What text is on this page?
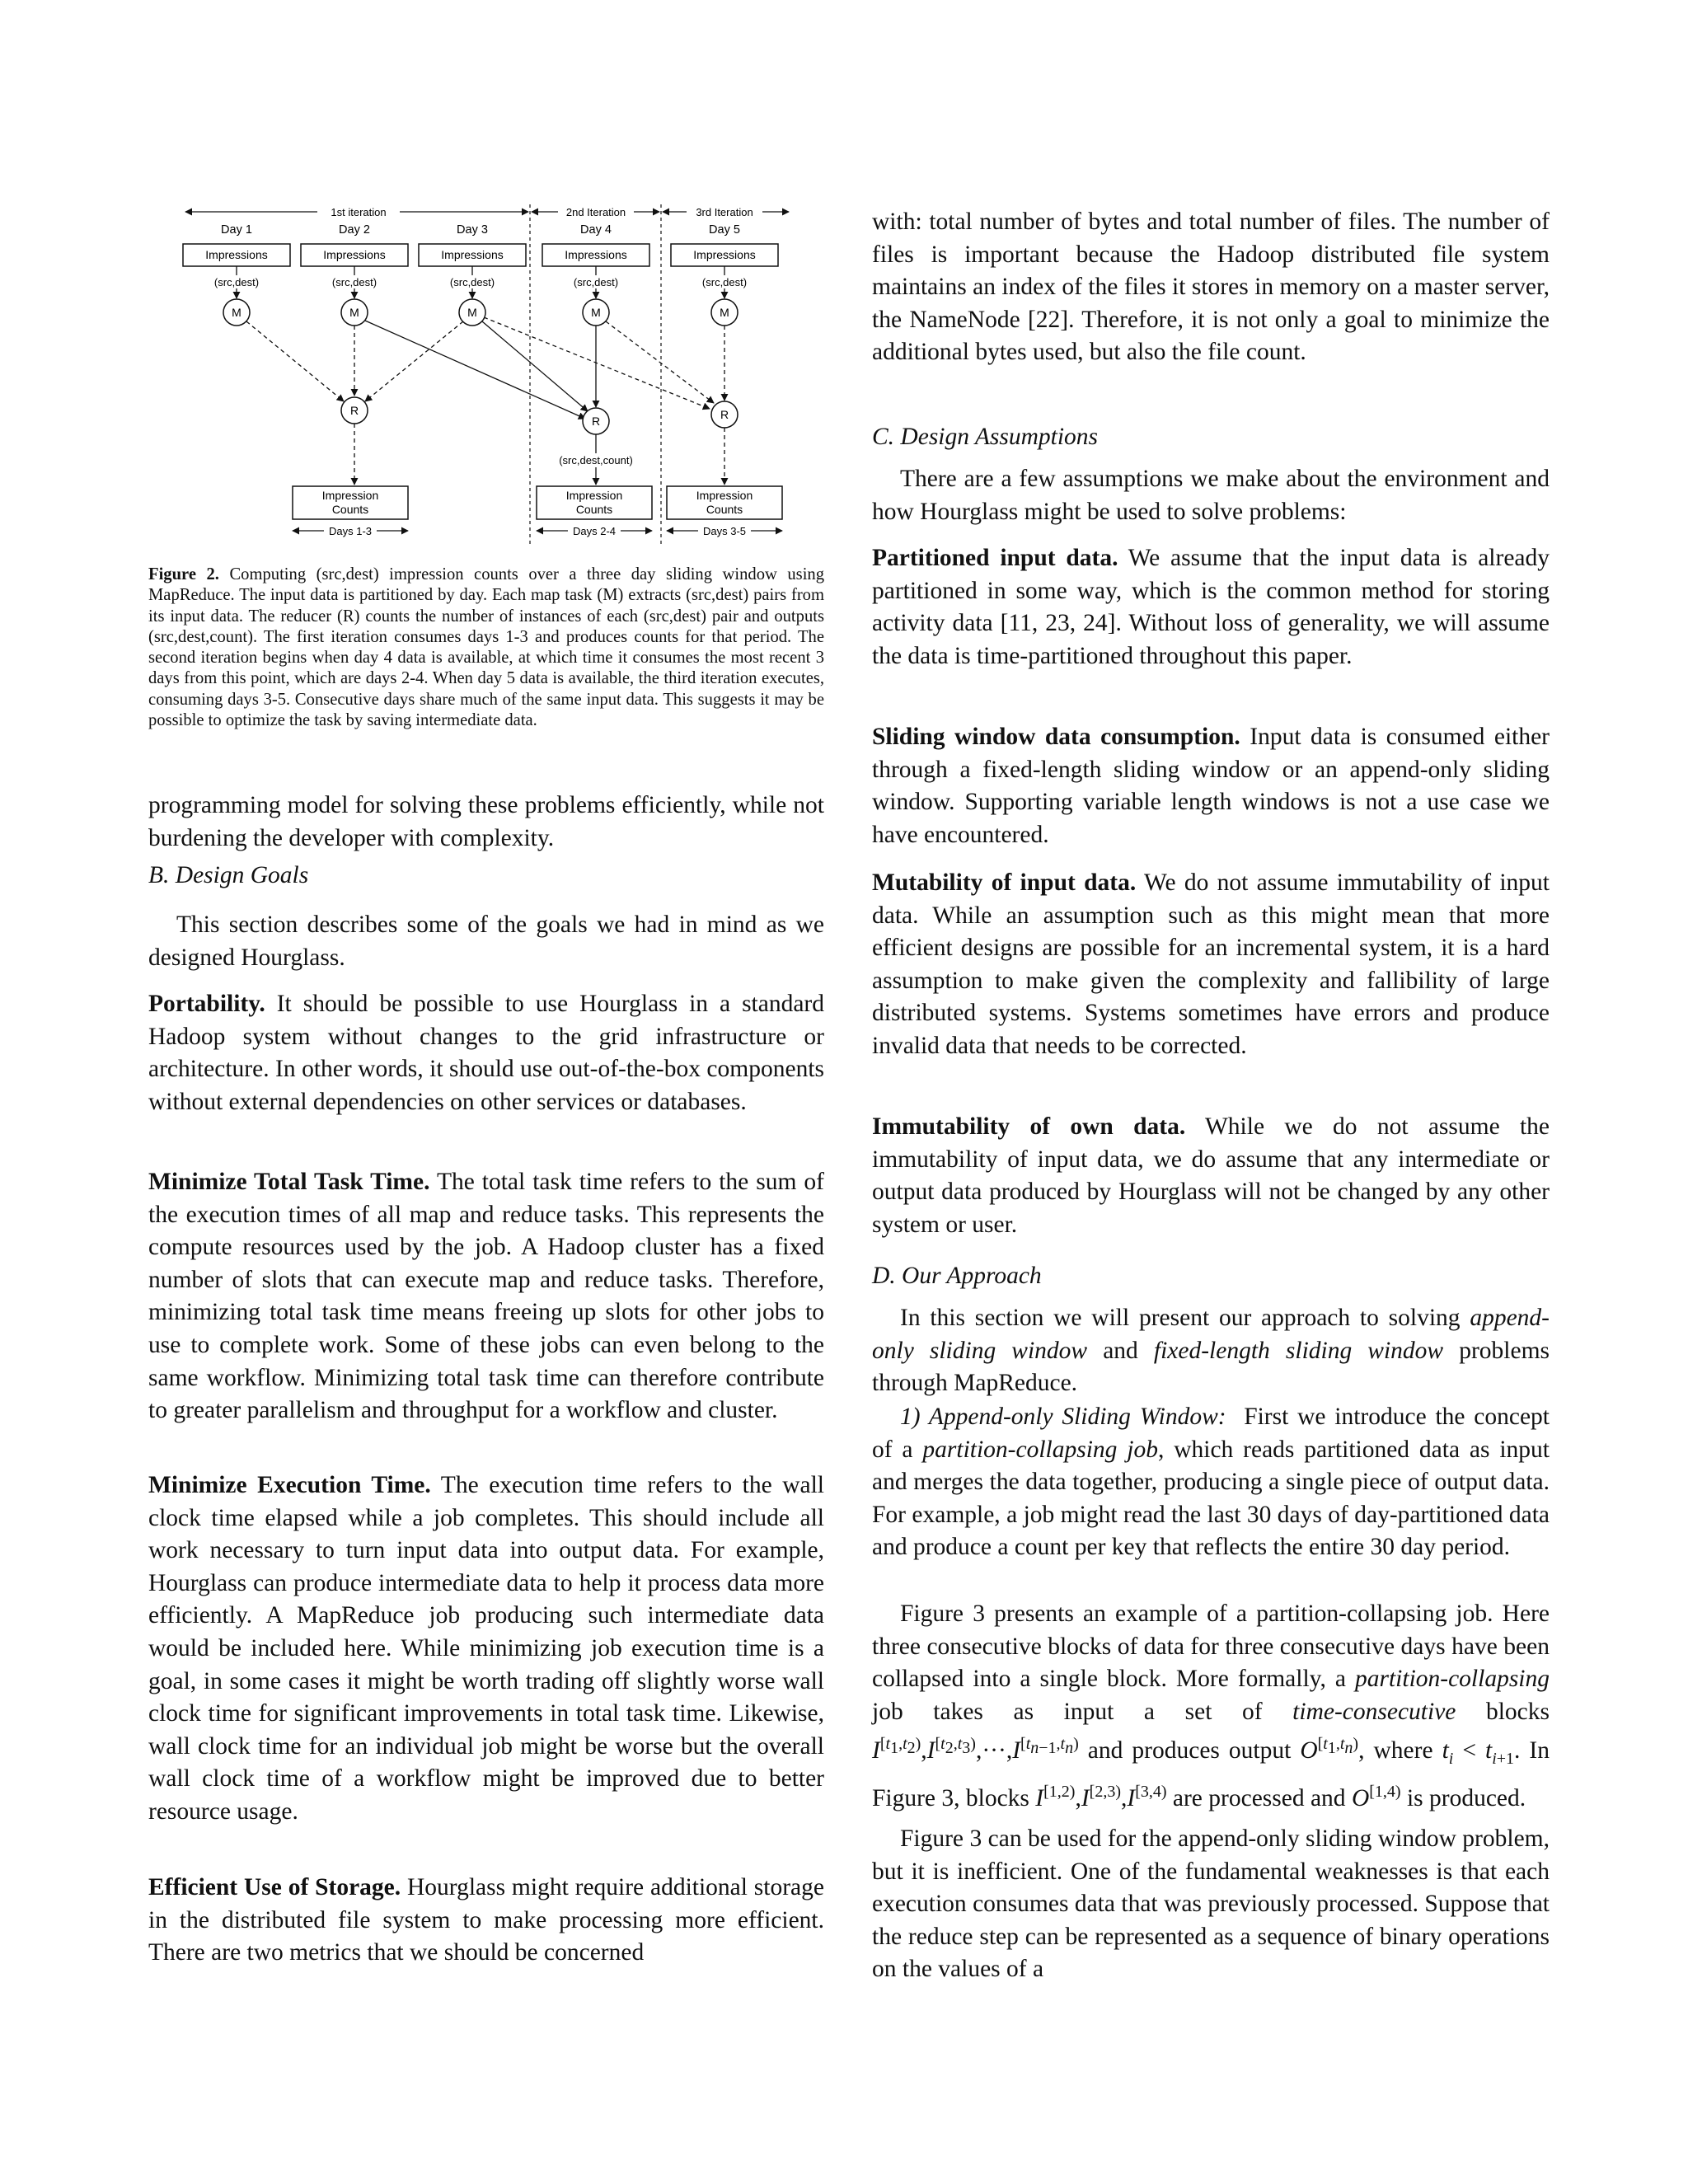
1st iteration	2nd Iteration	3rd Iteration
Day 1	Day 2	Day 3	Day 4	Day 5
Impressions	Impressions	Impressions	Impressions	Impressions
(src,dest)	(src,dest)	(src,dest)	(src,dest)	(src,dest)
M	M	M	M	M
R
R	R
(src,dest,count)
Impression
Counts
Impression
Counts
Impression
Counts
Days 1-3	Days 2-4	Days 3-5
Figure 2. Computing (src,dest) impression counts over a three day sliding window using MapReduce. The input data is partitioned by day. Each map task (M) extracts (src,dest) pairs from its input data. The reducer (R) counts the number of instances of each (src,dest) pair and outputs (src,dest,count). The first iteration consumes days 1-3 and produces counts for that period. The second iteration begins when day 4 data is available, at which time it consumes the most recent 3 days from this point, which are days 2-4. When day 5 data is available, the third iteration executes, consuming days 3-5. Consecutive days share much of the same input data. This suggests it may be possible to optimize the task by saving intermediate data.
programming model for solving these problems efficiently, while not burdening the developer with complexity.
B. Design Goals
This section describes some of the goals we had in mind as we designed Hourglass.
Portability. It should be possible to use Hourglass in a standard Hadoop system without changes to the grid infrastructure or architecture. In other words, it should use out-of-the-box components without external dependencies on other services or databases.
Minimize Total Task Time. The total task time refers to the sum of the execution times of all map and reduce tasks. This represents the compute resources used by the job. A Hadoop cluster has a fixed number of slots that can execute map and reduce tasks. Therefore, minimizing total task time means freeing up slots for other jobs to use to complete work. Some of these jobs can even belong to the same workflow. Minimizing total task time can therefore contribute to greater parallelism and throughput for a workflow and cluster.
Minimize Execution Time. The execution time refers to the wall clock time elapsed while a job completes. This should include all work necessary to turn input data into output data. For example, Hourglass can produce intermediate data to help it process data more efficiently. A MapReduce job producing such intermediate data would be included here. While minimizing job execution time is a goal, in some cases it might be worth trading off slightly worse wall clock time for significant improvements in total task time. Likewise, wall clock time for an individual job might be worse but the overall wall clock time of a workflow might be improved due to better resource usage.
Efficient Use of Storage. Hourglass might require additional storage in the distributed file system to make processing more efficient. There are two metrics that we should be concerned
with: total number of bytes and total number of files. The number of files is important because the Hadoop distributed file system maintains an index of the files it stores in memory on a master server, the NameNode [22]. Therefore, it is not only a goal to minimize the additional bytes used, but also the file count.
C. Design Assumptions
There are a few assumptions we make about the environment and how Hourglass might be used to solve problems:
Partitioned input data. We assume that the input data is already partitioned in some way, which is the common method for storing activity data [11, 23, 24]. Without loss of generality, we will assume the data is time-partitioned throughout this paper.
Sliding window data consumption. Input data is consumed either through a fixed-length sliding window or an append-only sliding window. Supporting variable length windows is not a use case we have encountered.
Mutability of input data. We do not assume immutability of input data. While an assumption such as this might mean that more efficient designs are possible for an incremental system, it is a hard assumption to make given the complexity and fallibility of large distributed systems. Systems sometimes have errors and produce invalid data that needs to be corrected.
Immutability of own data. While we do not assume the immutability of input data, we do assume that any intermediate or output data produced by Hourglass will not be changed by any other system or user.
D. Our Approach
In this section we will present our approach to solving append-only sliding window and fixed-length sliding window problems through MapReduce.
1) Append-only Sliding Window: First we introduce the concept of a partition-collapsing job, which reads partitioned data as input and merges the data together, producing a single piece of output data. For example, a job might read the last 30 days of day-partitioned data and produce a count per key that reflects the entire 30 day period.
Figure 3 presents an example of a partition-collapsing job. Here three consecutive blocks of data for three consecutive days have been collapsed into a single block. More formally, a partition-collapsing job takes as input a set of time-consecutive blocks $I^{[t_1,t_2)},I^{[t_2,t_3)},\cdot\cdot\cdot,I^{[t_{n-1},t_n)}$ and produces output $O^{[t_1,t_n)}$, where $t_i < t_{i+1}$. In Figure 3, blocks $I^{[1,2)},I^{[2,3)},I^{[3,4)}$ are processed and $O^{[1,4)}$ is produced.
Figure 3 can be used for the append-only sliding window problem, but it is inefficient. One of the fundamental weaknesses is that each execution consumes data that was previously processed. Suppose that the reduce step can be represented as a sequence of binary operations on the values of a
